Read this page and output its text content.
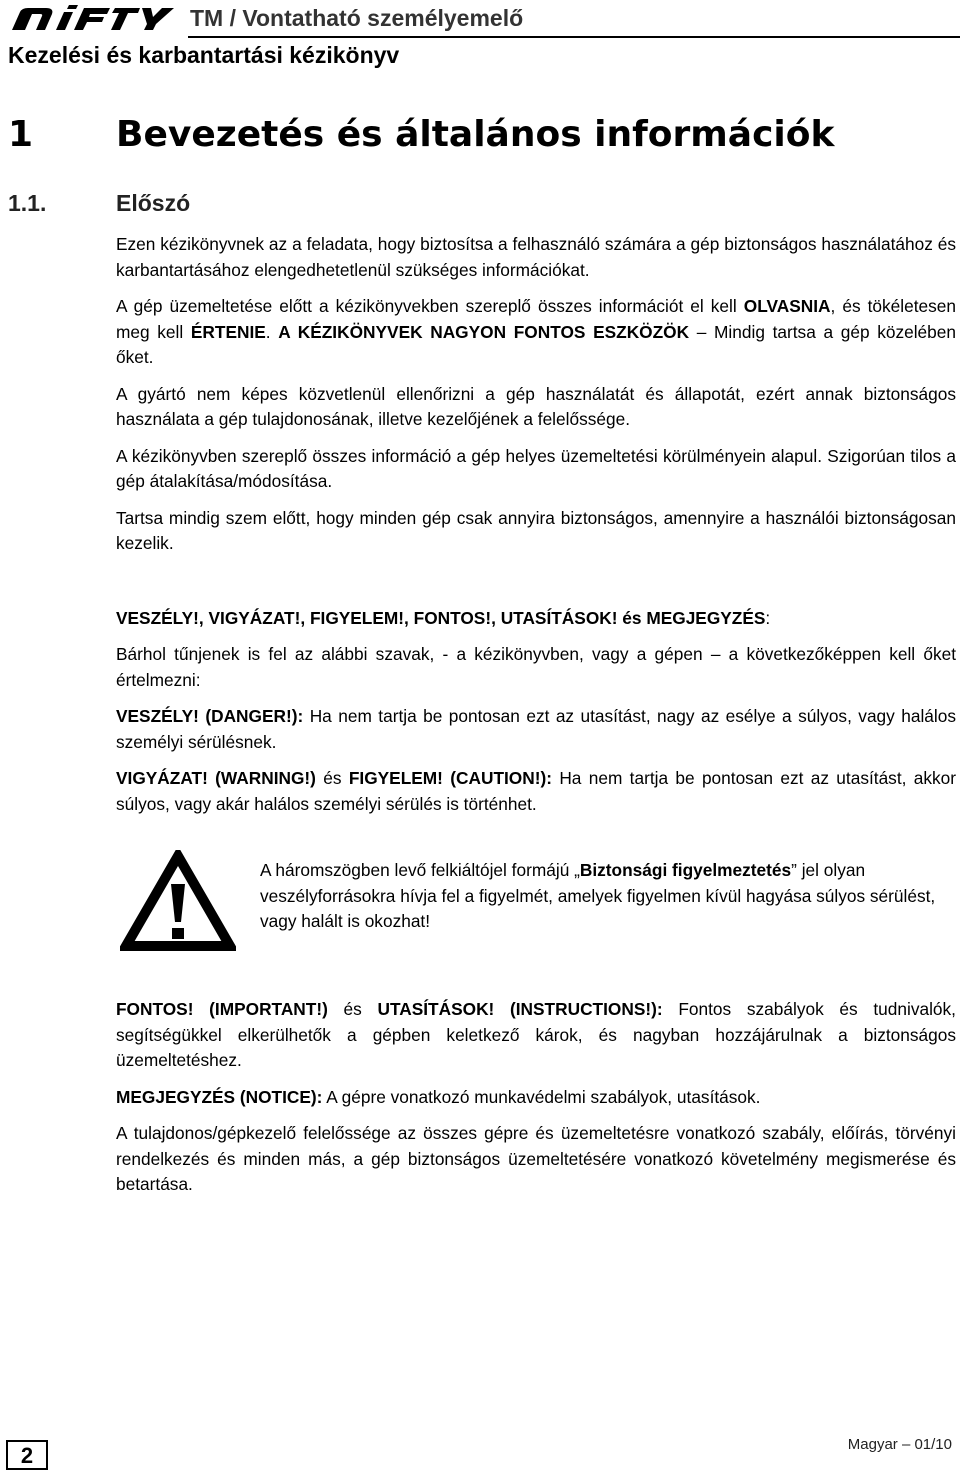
TM / Vontatható személyemelő
Kezelési és karbantartási kézikönyv
1 Bevezetés és általános információk
1.1.	Előszó

Ezen kézikönyvnek az a feladata, hogy biztosítsa a felhasználó számára a gép biztonságos használatához és karbantartásához elengedhetetlenül szükséges információkat.

A gép üzemeltetése előtt a kézikönyvekben szereplő összes információt el kell OLVASNIA, és tökéletesen meg kell ÉRTENIE. A KÉZIKÖNYVEK NAGYON FONTOS ESZKÖZÖK – Mindig tartsa a gép közelében őket.

A gyártó nem képes közvetlenül ellenőrizni a gép használatát és állapotát, ezért annak biztonságos használata a gép tulajdonosának, illetve kezelőjének a felelőssége.

A kézikönyvben szereplő összes információ a gép helyes üzemeltetési körülményein alapul. Szigorúan tilos a gép átalakítása/módosítása.

Tartsa mindig szem előtt, hogy minden gép csak annyira biztonságos, amennyire a használói biztonságosan kezelik.

VESZÉLY!, VIGYÁZAT!, FIGYELEM!, FONTOS!, UTASÍTÁSOK! és MEGJEGYZÉS:

Bárhol tűnjenek is fel az alábbi szavak, - a kézikönyvben, vagy a gépen – a következőképpen kell őket értelmezni:

VESZÉLY! (DANGER!): Ha nem tartja be pontosan ezt az utasítást, nagy az esélye a súlyos, vagy halálos személyi sérülésnek.

VIGYÁZAT! (WARNING!) és FIGYELEM! (CAUTION!): Ha nem tartja be pontosan ezt az utasítást, akkor súlyos, vagy akár halálos személyi sérülés is történhet.

A háromszögben levő felkiáltójel formájú „Biztonsági figyelmeztetés” jel olyan veszélyforrásokra hívja fel a figyelmét, amelyek figyelmen kívül hagyása súlyos sérülést, vagy halált is okozhat!

FONTOS! (IMPORTANT!) és UTASÍTÁSOK! (INSTRUCTIONS!): Fontos szabályok és tudnivalók, segítségükkel elkerülhetők a gépben keletkező károk, és nagyban hozzájárulnak a biztonságos üzemeltetéshez.

MEGJEGYZÉS (NOTICE): A gépre vonatkozó munkavédelmi szabályok, utasítások.

A tulajdonos/gépkezelő felelőssége az összes gépre és üzemeltetésre vonatkozó szabály, előírás, törvényi rendelkezés és minden más, a gép biztonságos üzemeltetésére vonatkozó követelmény megismerése és betartása.

2	Magyar – 01/10
